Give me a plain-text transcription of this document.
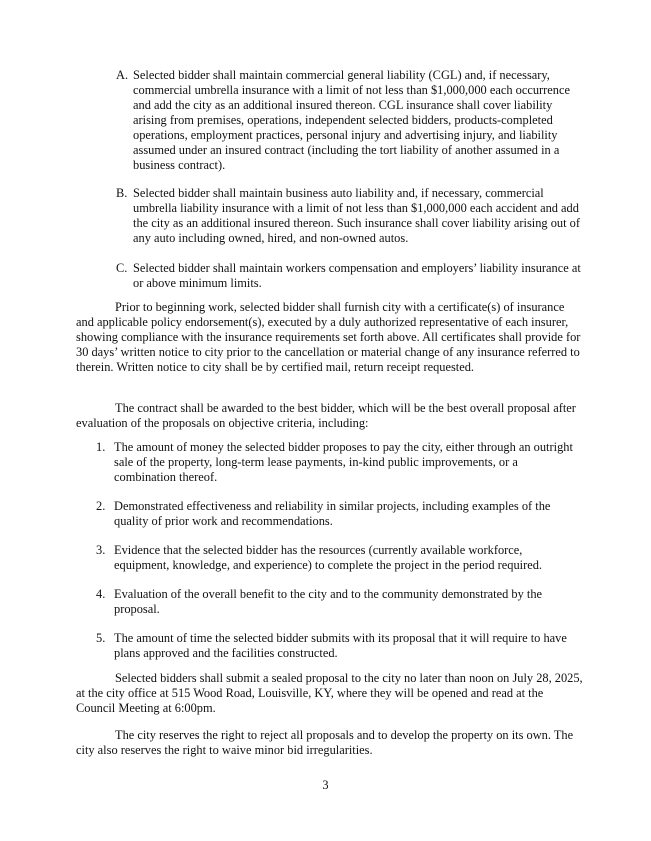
A. Selected bidder shall maintain commercial general liability (CGL) and, if necessary, commercial umbrella insurance with a limit of not less than $1,000,000 each occurrence and add the city as an additional insured thereon. CGL insurance shall cover liability arising from premises, operations, independent selected bidders, products-completed operations, employment practices, personal injury and advertising injury, and liability assumed under an insured contract (including the tort liability of another assumed in a business contract).
B. Selected bidder shall maintain business auto liability and, if necessary, commercial umbrella liability insurance with a limit of not less than $1,000,000 each accident and add the city as an additional insured thereon. Such insurance shall cover liability arising out of any auto including owned, hired, and non-owned autos.
C. Selected bidder shall maintain workers compensation and employers’ liability insurance at or above minimum limits.

Prior to beginning work, selected bidder shall furnish city with a certificate(s) of insurance and applicable policy endorsement(s), executed by a duly authorized representative of each insurer, showing compliance with the insurance requirements set forth above. All certificates shall provide for 30 days’ written notice to city prior to the cancellation or material change of any insurance referred to therein. Written notice to city shall be by certified mail, return receipt requested.

The contract shall be awarded to the best bidder, which will be the best overall proposal after evaluation of the proposals on objective criteria, including:

1. The amount of money the selected bidder proposes to pay the city, either through an outright sale of the property, long-term lease payments, in-kind public improvements, or a combination thereof.
2. Demonstrated effectiveness and reliability in similar projects, including examples of the quality of prior work and recommendations.
3. Evidence that the selected bidder has the resources (currently available workforce, equipment, knowledge, and experience) to complete the project in the period required.
4. Evaluation of the overall benefit to the city and to the community demonstrated by the proposal.
5. The amount of time the selected bidder submits with its proposal that it will require to have plans approved and the facilities constructed.

Selected bidders shall submit a sealed proposal to the city no later than noon on July 28, 2025, at the city office at 515 Wood Road, Louisville, KY, where they will be opened and read at the Council Meeting at 6:00pm.

The city reserves the right to reject all proposals and to develop the property on its own. The city also reserves the right to waive minor bid irregularities.

3
